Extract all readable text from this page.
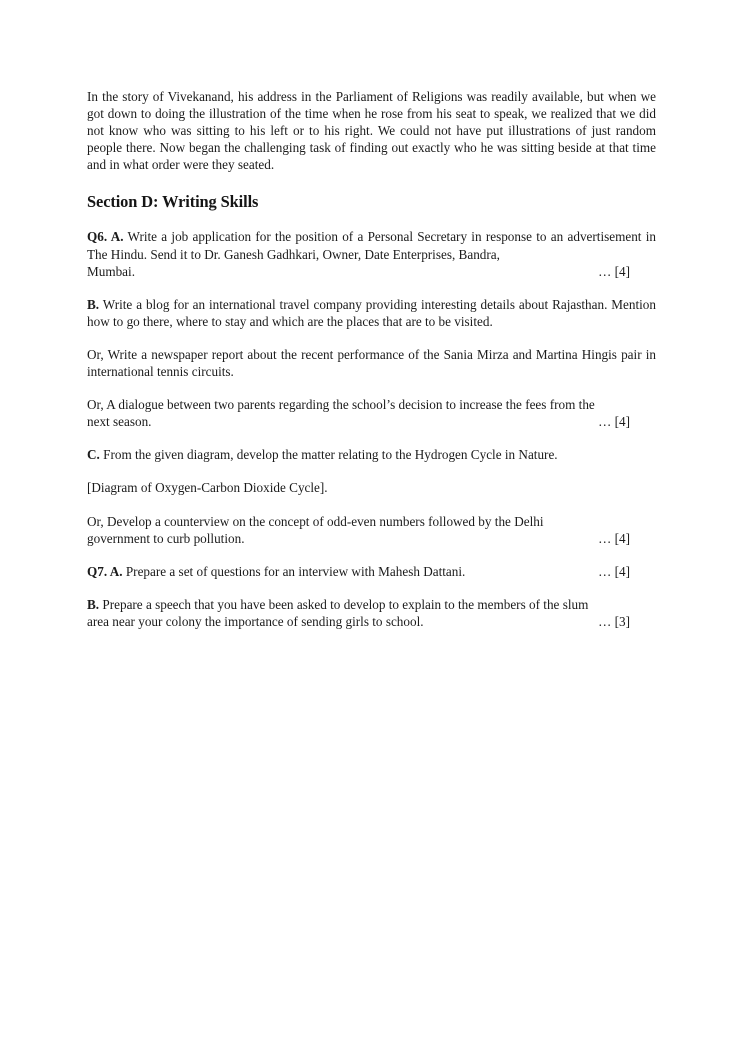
In the story of Vivekanand, his address in the Parliament of Religions was readily available, but when we got down to doing the illustration of the time when he rose from his seat to speak, we realized that we did not know who was sitting to his left or to his right. We could not have put illustrations of just random people there. Now began the challenging task of finding out exactly who he was sitting beside at that time and in what order were they seated.

Section D: Writing Skills

Q6. A. Write a job application for the position of a Personal Secretary in response to an advertisement in The Hindu. Send it to Dr. Ganesh Gadhkari, Owner, Date Enterprises, Bandra,

Mumbai.	… [4]

B. Write a blog for an international travel company providing interesting details about Rajasthan. Mention how to go there, where to stay and which are the places that are to be visited.

Or, Write a newspaper report about the recent performance of the Sania Mirza and Martina Hingis pair in international tennis circuits.

Or, A dialogue between two parents regarding the school’s decision to increase the fees from the

next season.	… [4]

C. From the given diagram, develop the matter relating to the Hydrogen Cycle in Nature.

[Diagram of Oxygen-Carbon Dioxide Cycle].

Or, Develop a counterview on the concept of odd-even numbers followed by the Delhi

government to curb pollution.	… [4]
Q7. A. Prepare a set of questions for an interview with Mahesh Dattani.	… [4]

B. Prepare a speech that you have been asked to develop to explain to the members of the slum

area near your colony the importance of sending girls to school.	… [3]
